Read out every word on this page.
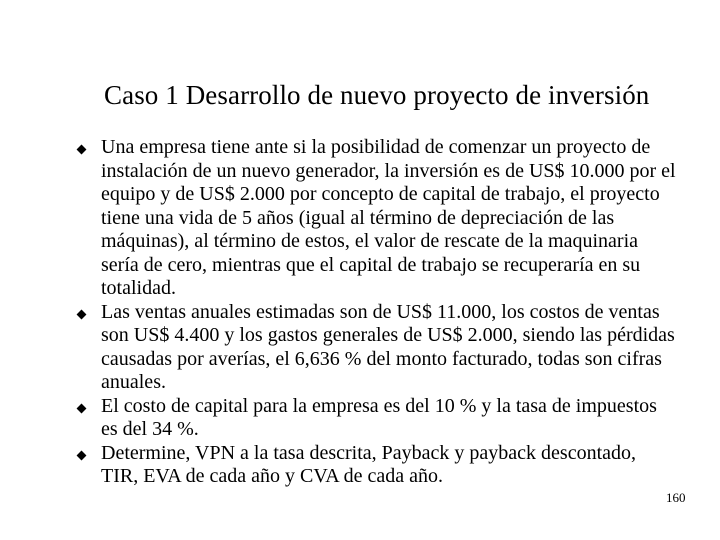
Caso 1 Desarrollo de nuevo proyecto de inversión
Una empresa tiene ante si la posibilidad de comenzar un proyecto de instalación de un nuevo generador, la inversión es de US$ 10.000 por el equipo y de US$ 2.000 por concepto de capital de trabajo, el proyecto tiene una vida de 5 años (igual al término de depreciación de las máquinas), al término de estos, el valor de rescate de la maquinaria sería de cero, mientras que el capital de trabajo se recuperaría en su totalidad.
Las ventas anuales estimadas son de US$ 11.000, los costos de ventas son US$ 4.400 y los gastos generales de US$ 2.000, siendo las pérdidas causadas por averías, el 6,636 % del monto facturado, todas son cifras anuales.
El costo de capital para la empresa es del 10 % y la tasa de impuestos es del 34 %.
Determine, VPN a la tasa descrita, Payback y payback descontado, TIR, EVA de cada año y CVA de cada año.
160
